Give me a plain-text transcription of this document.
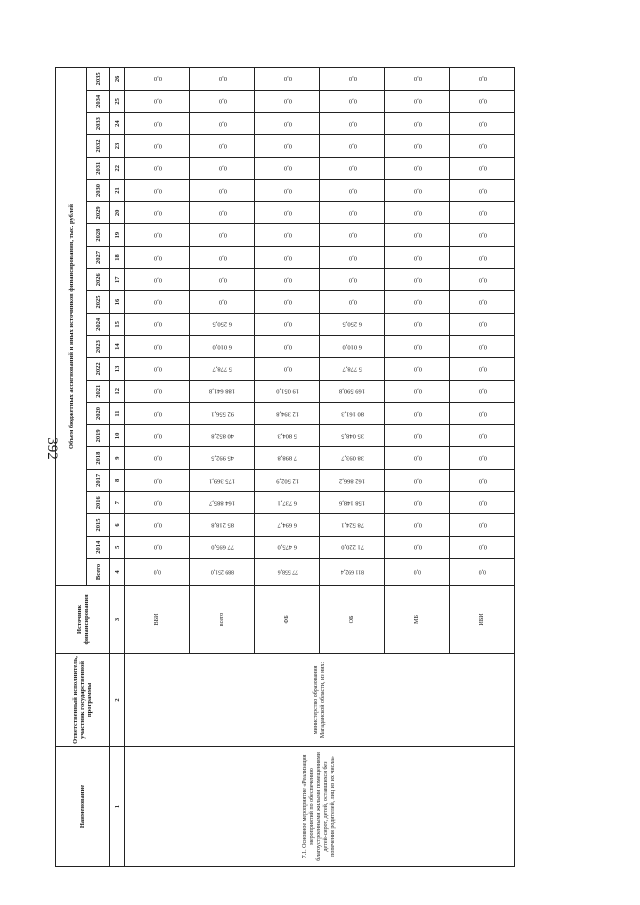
392
Наименование	Ответственный исполнитель, участник государственной программы	Источник финансирования	Объем бюджетных ассигнований и иных источников финансирования, тыс. рублей																						
			Всего	2014	2015	2016	2017	2018	2019	2020	2021	2022	2023	2024	2025	2026	2027	2028	2029	2030	2031	2032	2033	2034	2035
1	2	3	4	5	6	7	8	9	10	11	12	13	14	15	16	17	18	19	20	21	22	23	24	25	26
7.1. Основное мероприятие «Реализация мероприятий по обеспечению благоустроенными жилыми помещениями детей-сирот, детей, оставшихся без попечения родителей, лиц из их числа»	министерство образования Магаданской области, из них:	ВБИ	0,0	0,0	0,0	0,0	0,0	0,0	0,0	0,0	0,0	0,0	0,0	0,0	0,0	0,0	0,0	0,0	0,0	0,0	0,0	0,0	0,0	0,0	0,0
		всего	889 251,0	77 695,0	85 218,8	164 885,7	175 369,1	45 992,5	40 852,8	92 556,1	188 641,8	5 778,7	6 010,0	6 250,5	0,0	0,0	0,0	0,0	0,0	0,0	0,0	0,0	0,0	0,0	0,0
		ФБ	77 558,6	6 475,0	6 694,7	6 737,1	12 502,9	7 898,8	5 804,3	12 394,8	19 051,0	0,0	0,0	0,0	0,0	0,0	0,0	0,0	0,0	0,0	0,0	0,0	0,0	0,0	0,0
		ОБ	811 692,4	71 220,0	78 524,1	158 148,6	162 866,2	38 093,7	35 048,5	80 161,3	169 590,8	5 778,7	6 010,0	6 250,5	0,0	0,0	0,0	0,0	0,0	0,0	0,0	0,0	0,0	0,0	0,0
		МБ	0,0	0,0	0,0	0,0	0,0	0,0	0,0	0,0	0,0	0,0	0,0	0,0	0,0	0,0	0,0	0,0	0,0	0,0	0,0	0,0	0,0	0,0	0,0
		ИБИ	0,0	0,0	0,0	0,0	0,0	0,0	0,0	0,0	0,0	0,0	0,0	0,0	0,0	0,0	0,0	0,0	0,0	0,0	0,0	0,0	0,0	0,0	0,0
